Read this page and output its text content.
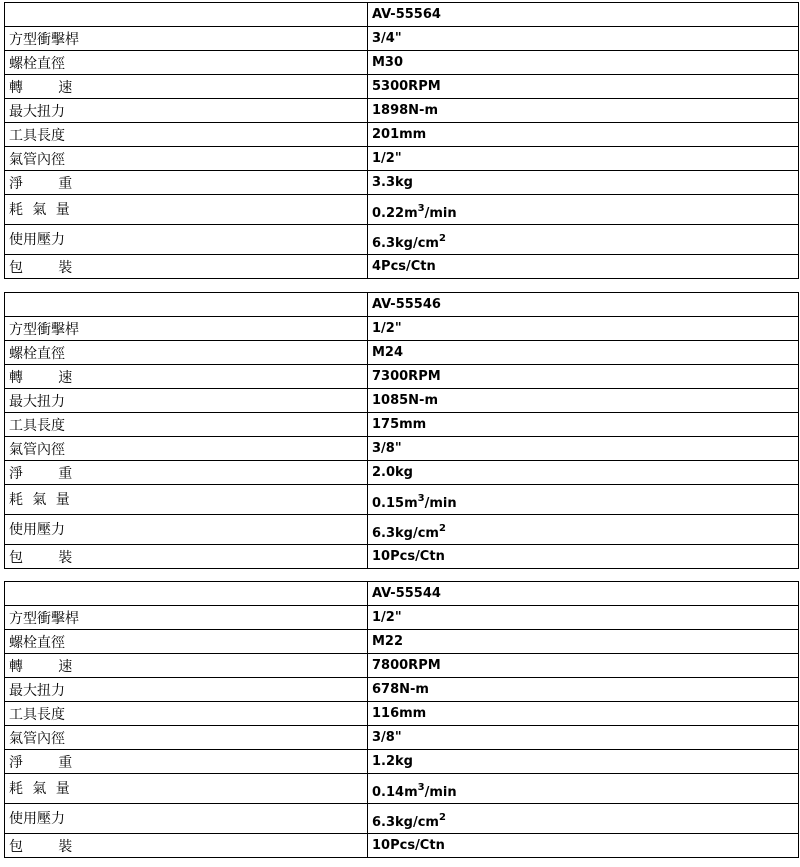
	AV-55564
方型衝擊桿	3/4"
螺栓直徑	M30
轉 速	5300RPM
最大扭力	1898N-m
工具長度	201mm
氣管內徑	1/2"
淨 重	3.3kg
耗 氣 量	$0.22m^3/\min$
使用壓力	$6.3kg/cm^2$
包 裝	4Pcs/Ctn
	AV-55546
方型衝擊桿	1/2"
螺栓直徑	M24
轉 速	7300RPM
最大扭力	1085N-m
工具長度	175mm
氣管內徑	3/8"
淨 重	2.0kg
耗 氣 量	$0.15m^3/\min$
使用壓力	$6.3kg/cm^2$
包 裝	10Pcs/Ctn
	AV-55544
方型衝擊桿	1/2"
螺栓直徑	M22
轉 速	7800RPM
最大扭力	678N-m
工具長度	116mm
氣管內徑	3/8"
淨 重	1.2kg
耗 氣 量	$0.14m^3/\min$
使用壓力	$6.3kg/cm^2$
包 裝	10Pcs/Ctn
